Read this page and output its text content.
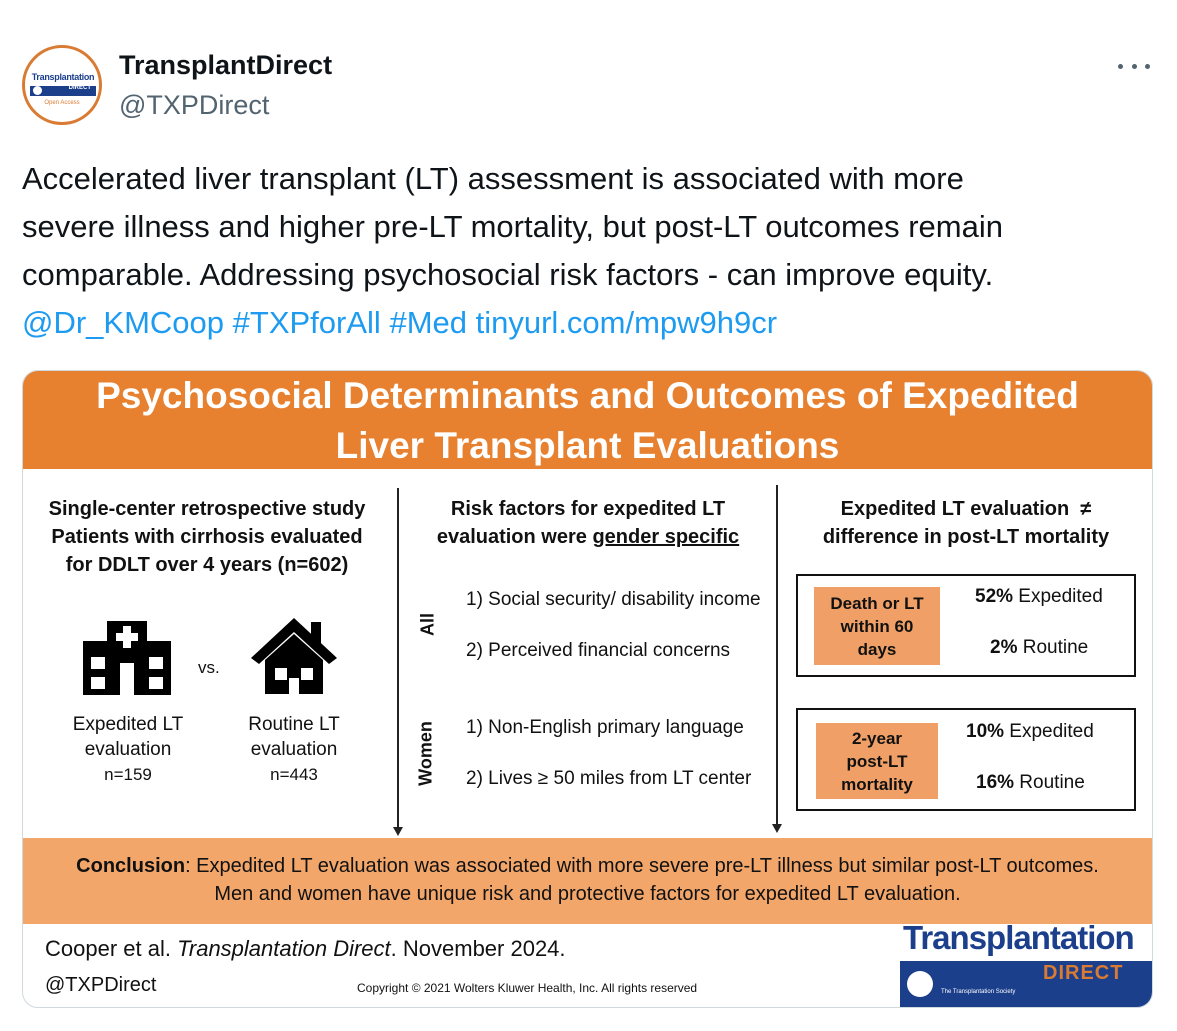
Transplantation
DIRECT
Open Access
TransplantDirect
@TXPDirect

Accelerated liver transplant (LT) assessment is associated with more

severe illness and higher pre-LT mortality, but post-LT outcomes remain

comparable. Addressing psychosocial risk factors - can improve equity.

@Dr_KMCoop #TXPforAll #Med tinyurl.com/mpw9h9cr

Psychosocial Determinants and Outcomes of Expedited
Liver Transplant Evaluations
Single-center retrospective study
Patients with cirrhosis evaluated
for DDLT over 4 years (n=602)
vs.
Expedited LT
evaluation
n=159
Routine LT
evaluation
n=443
Risk factors for expedited LT
evaluation were gender specific
All
Women
1) Social security/ disability income
2) Perceived financial concerns
1) Non-English primary language
2) Lives ≥ 50 miles from LT center
Expedited LT evaluation  ≠
difference in post-LT mortality
Death or LT
within 60
days
52% Expedited
2% Routine
2-year
post-LT
mortality
10% Expedited
16% Routine
Conclusion: Expedited LT evaluation was associated with more severe pre-LT illness but similar post-LT outcomes.
Men and women have unique risk and protective factors for expedited LT evaluation.
Cooper et al. Transplantation Direct. November 2024.
@TXPDirect	Copyright © 2021 Wolters Kluwer Health, Inc. All rights reserved
Transplantation
The Transplantation Society
DIRECT
